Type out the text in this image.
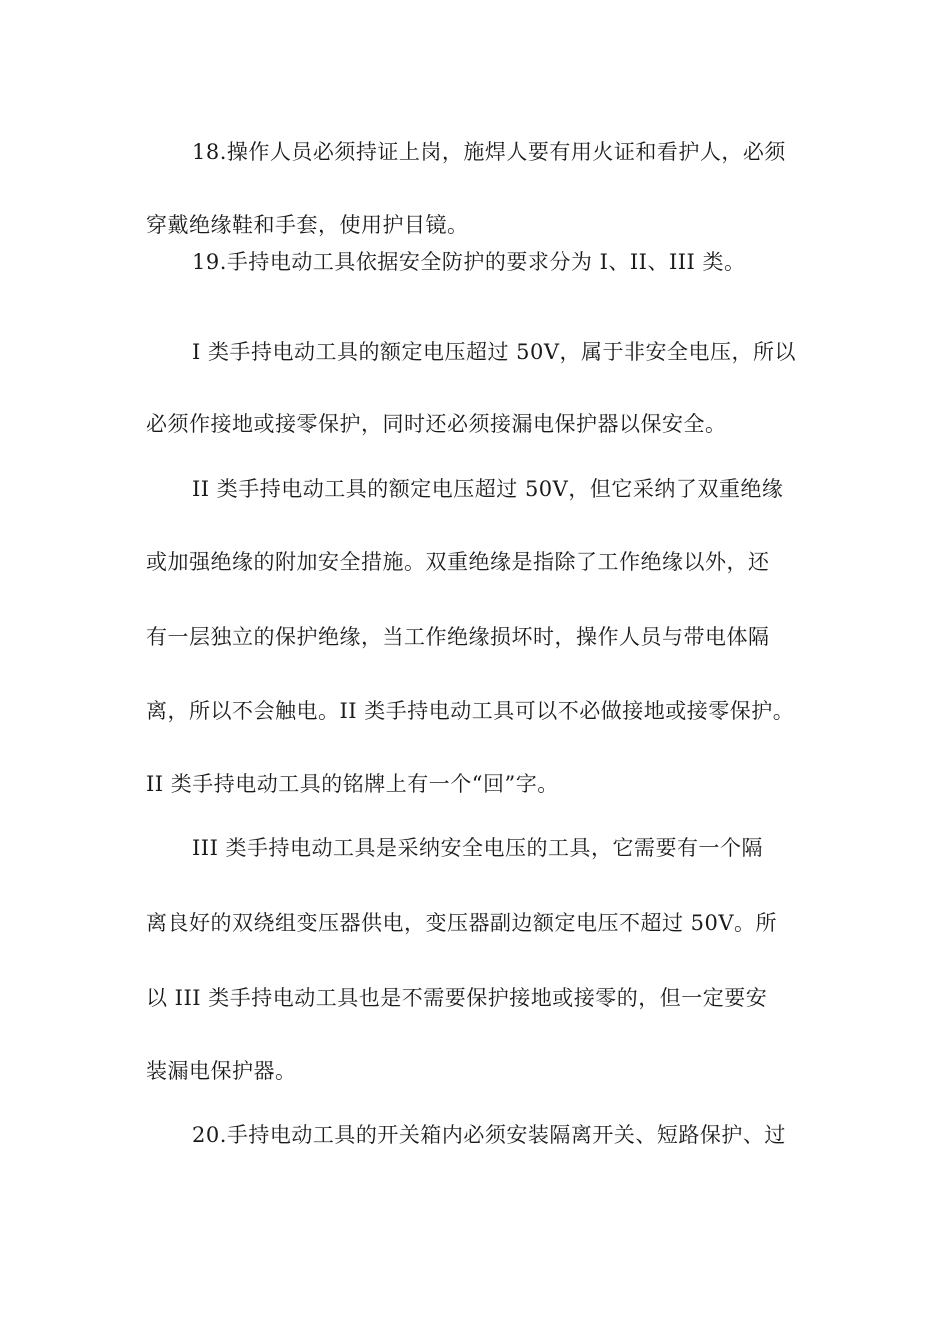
18.操作人员必须持证上岗，施焊人要有用火证和看护人，必须
穿戴绝缘鞋和手套，使用护目镜。
19.手持电动工具依据安全防护的要求分为 I、II、III 类。
I 类手持电动工具的额定电压超过 50V，属于非安全电压，所以
必须作接地或接零保护，同时还必须接漏电保护器以保安全。
II 类手持电动工具的额定电压超过 50V，但它采纳了双重绝缘
或加强绝缘的附加安全措施。双重绝缘是指除了工作绝缘以外，还
有一层独立的保护绝缘，当工作绝缘损坏时，操作人员与带电体隔
离，所以不会触电。II 类手持电动工具可以不必做接地或接零保护。
II 类手持电动工具的铭牌上有一个“回”字。
III 类手持电动工具是采纳安全电压的工具，它需要有一个隔
离良好的双绕组变压器供电，变压器副边额定电压不超过 50V。所
以 III 类手持电动工具也是不需要保护接地或接零的，但一定要安
装漏电保护器。
20.手持电动工具的开关箱内必须安装隔离开关、短路保护、过
